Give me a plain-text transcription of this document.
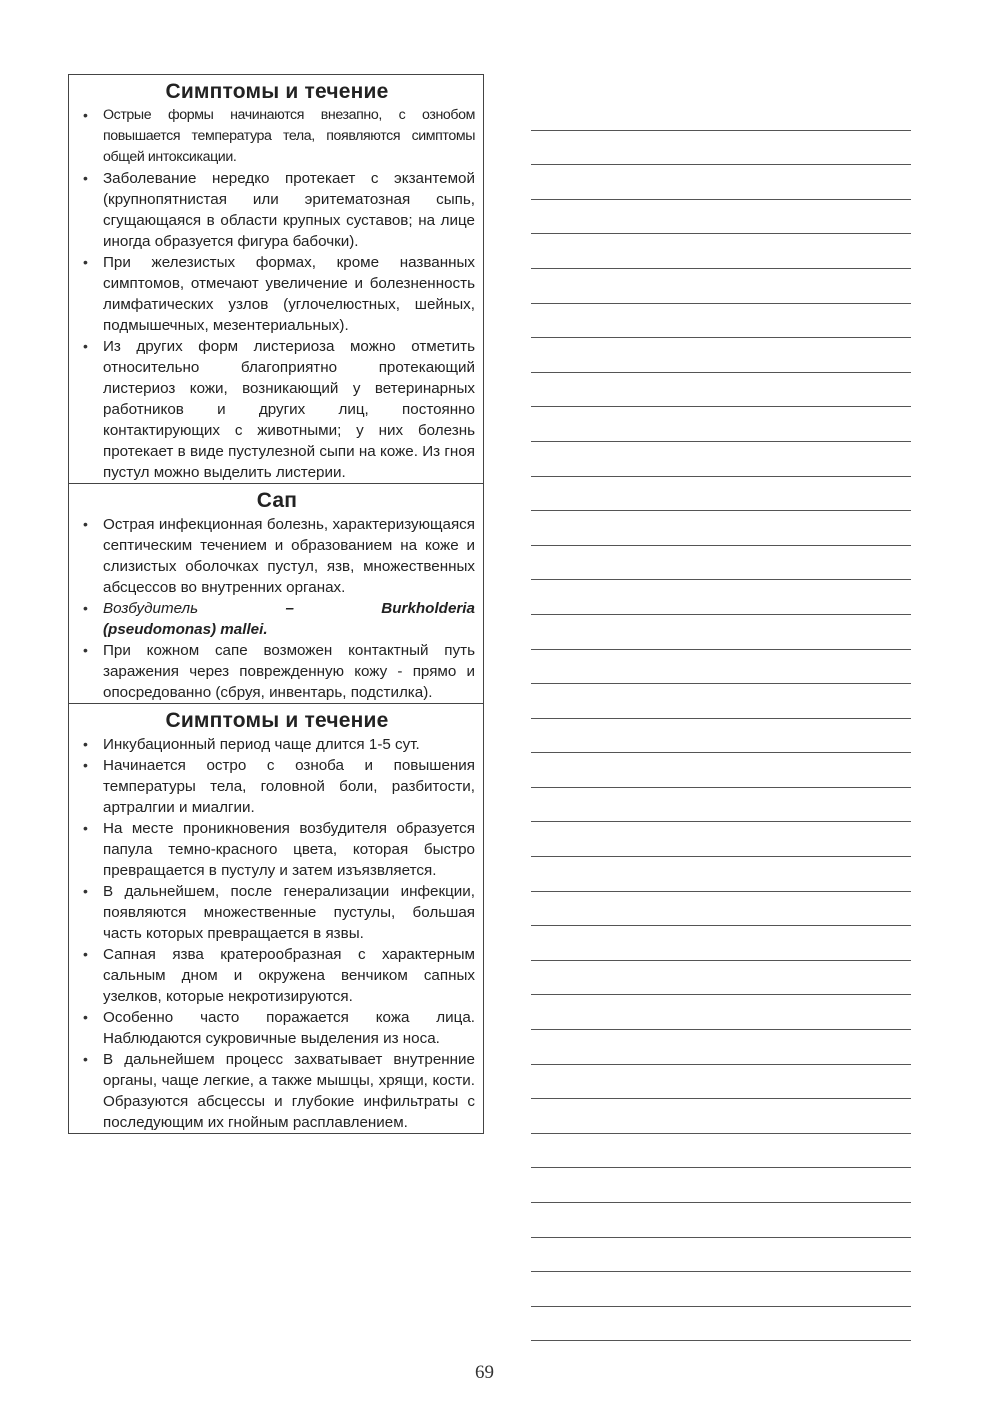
Симптомы и течение
• Острые формы начинаются внезапно, с ознобом повышается температура тела, появляются симптомы общей интоксикации.
• Заболевание нередко протекает с экзантемой (крупнопятнистая или эритематозная сыпь, сгущающаяся в области крупных суставов; на лице иногда образуется фигура бабочки).
• При железистых формах, кроме названных симптомов, отмечают увеличение и болезненность лимфатических узлов (углочелюстных, шейных, подмышечных, мезентериальных).
• Из других форм листериоза можно отметить относительно благоприятно протекающий листериоз кожи, возникающий у ветеринарных работников и других лиц, постоянно контактирующих с животными; у них болезнь протекает в виде пустулезной сыпи на коже. Из гноя пустул можно выделить листерии.
Сап
• Острая инфекционная болезнь, характеризующаяся септическим течением и образованием на коже и слизистых оболочках пустул, язв, множественных абсцессов во внутренних органах.
• Возбудитель	–	Burkholderia
(pseudomonas) mallei.
• При кожном сапе возможен контактный путь заражения через поврежденную кожу - прямо и опосредованно (сбруя, инвентарь, подстилка).
Симптомы и течение
• Инкубационный период чаще длится 1-5 сут.
• Начинается остро с озноба и повышения температуры тела, головной боли, разбитости, артралгии и миалгии.
• На месте проникновения возбудителя образуется папула темно-красного цвета, которая быстро превращается в пустулу и затем изъязвляется.
• В дальнейшем, после генерализации инфекции, появляются множественные пустулы, большая часть которых превращается в язвы.
• Сапная язва кратерообразная с характерным сальным дном и окружена венчиком сапных узелков, которые некротизируются.
• Особенно часто поражается кожа лица. Наблюдаются сукровичные выделения из носа.
• В дальнейшем процесс захватывает внутренние органы, чаще легкие, а также мышцы, хрящи, кости. Образуются абсцессы и глубокие инфильтраты с последующим их гнойным расплавлением.
69
